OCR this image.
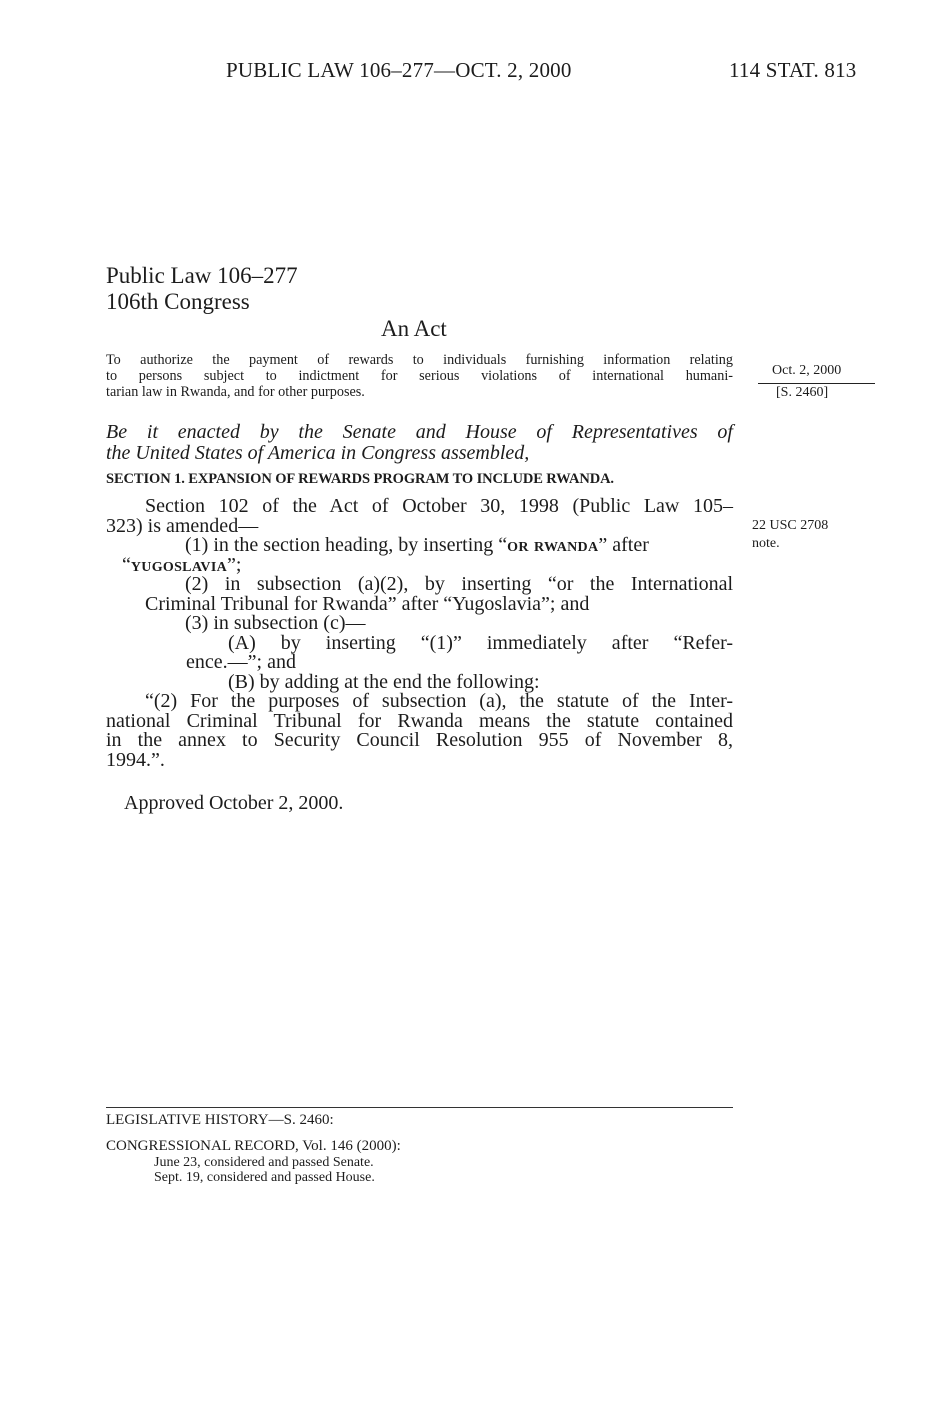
PUBLIC LAW 106–277—OCT. 2, 2000	114 STAT. 813
Public Law 106–277
106th Congress
An Act
To authorize the payment of rewards to individuals furnishing information relating
to persons subject to indictment for serious violations of international humani-
tarian law in Rwanda, and for other purposes.
Oct. 2, 2000
[S. 2460]
Be it enacted by the Senate and House of Representatives of
the United States of America in Congress assembled,
SECTION 1. EXPANSION OF REWARDS PROGRAM TO INCLUDE RWANDA.
Section 102 of the Act of October 30, 1998 (Public Law 105–
323) is amended—
(1) in the section heading, by inserting “or rwanda” after
“yugoslavia”;
(2) in subsection (a)(2), by inserting “or the International
Criminal Tribunal for Rwanda” after “Yugoslavia”; and
(3) in subsection (c)—
(A) by inserting “(1)” immediately after “Refer-
ence.—”; and
(B) by adding at the end the following:
“(2) For the purposes of subsection (a), the statute of the Inter-
national Criminal Tribunal for Rwanda means the statute contained
in the annex to Security Council Resolution 955 of November 8,
1994.”.
22 USC 2708
note.
Approved October 2, 2000.
LEGISLATIVE HISTORY—S. 2460:
CONGRESSIONAL RECORD, Vol. 146 (2000):
June 23, considered and passed Senate.
Sept. 19, considered and passed House.
